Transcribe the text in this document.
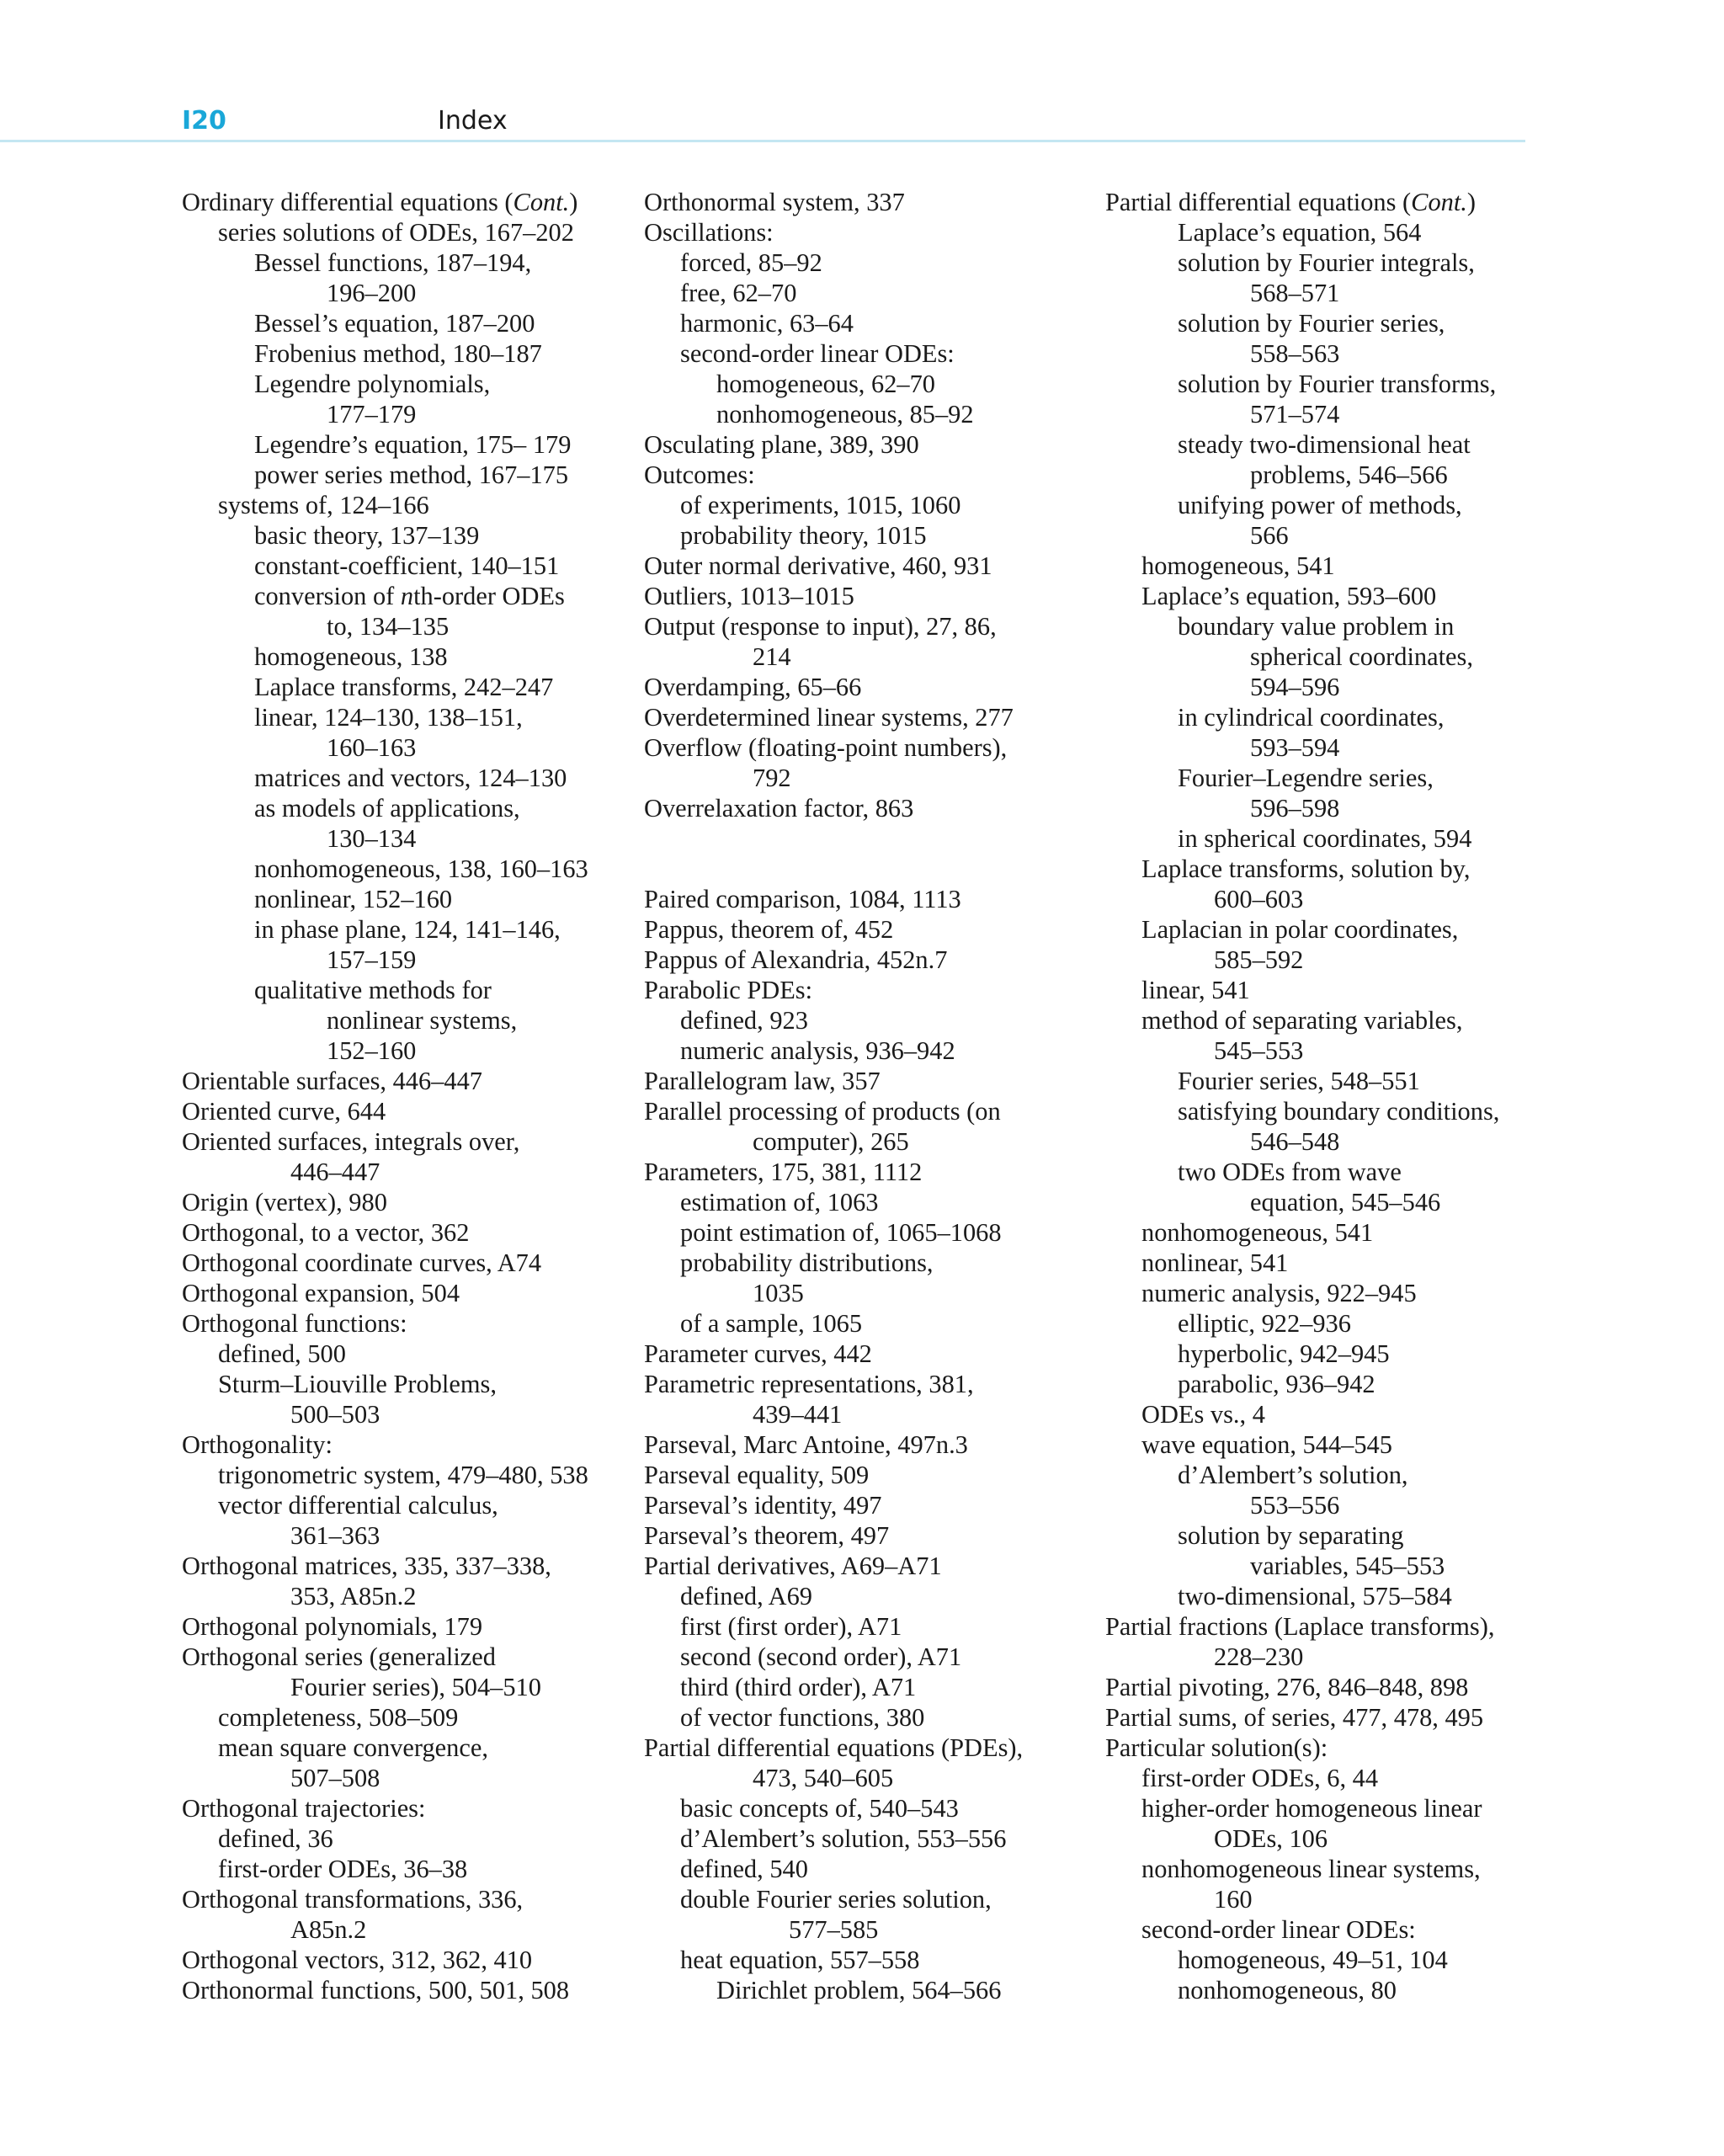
I20	Index
Ordinary differential equations (Cont.)
series solutions of ODEs, 167–202
Bessel functions, 187–194,
196–200
Bessel’s equation, 187–200
Frobenius method, 180–187
Legendre polynomials,
177–179
Legendre’s equation, 175– 179
power series method, 167–175
systems of, 124–166
basic theory, 137–139
constant-coefficient, 140–151
conversion of nth-order ODEs
to, 134–135
homogeneous, 138
Laplace transforms, 242–247
linear, 124–130, 138–151,
160–163
matrices and vectors, 124–130
as models of applications,
130–134
nonhomogeneous, 138, 160–163
nonlinear, 152–160
in phase plane, 124, 141–146,
157–159
qualitative methods for
nonlinear systems,
152–160
Orientable surfaces, 446–447
Oriented curve, 644
Oriented surfaces, integrals over,
446–447
Origin (vertex), 980
Orthogonal, to a vector, 362
Orthogonal coordinate curves, A74
Orthogonal expansion, 504
Orthogonal functions:
defined, 500
Sturm–Liouville Problems,
500–503
Orthogonality:
trigonometric system, 479–480, 538
vector differential calculus,
361–363
Orthogonal matrices, 335, 337–338,
353, A85n.2
Orthogonal polynomials, 179
Orthogonal series (generalized
Fourier series), 504–510
completeness, 508–509
mean square convergence,
507–508
Orthogonal trajectories:
defined, 36
first-order ODEs, 36–38
Orthogonal transformations, 336,
A85n.2
Orthogonal vectors, 312, 362, 410
Orthonormal functions, 500, 501, 508
Orthonormal system, 337
Oscillations:
forced, 85–92
free, 62–70
harmonic, 63–64
second-order linear ODEs:
homogeneous, 62–70
nonhomogeneous, 85–92
Osculating plane, 389, 390
Outcomes:
of experiments, 1015, 1060
probability theory, 1015
Outer normal derivative, 460, 931
Outliers, 1013–1015
Output (response to input), 27, 86,
214
Overdamping, 65–66
Overdetermined linear systems, 277
Overflow (floating-point numbers),
792
Overrelaxation factor, 863
Paired comparison, 1084, 1113
Pappus, theorem of, 452
Pappus of Alexandria, 452n.7
Parabolic PDEs:
defined, 923
numeric analysis, 936–942
Parallelogram law, 357
Parallel processing of products (on
computer), 265
Parameters, 175, 381, 1112
estimation of, 1063
point estimation of, 1065–1068
probability distributions,
1035
of a sample, 1065
Parameter curves, 442
Parametric representations, 381,
439–441
Parseval, Marc Antoine, 497n.3
Parseval equality, 509
Parseval’s identity, 497
Parseval’s theorem, 497
Partial derivatives, A69–A71
defined, A69
first (first order), A71
second (second order), A71
third (third order), A71
of vector functions, 380
Partial differential equations (PDEs),
473, 540–605
basic concepts of, 540–543
d’Alembert’s solution, 553–556
defined, 540
double Fourier series solution,
577–585
heat equation, 557–558
Dirichlet problem, 564–566
Partial differential equations (Cont.)
Laplace’s equation, 564
solution by Fourier integrals,
568–571
solution by Fourier series,
558–563
solution by Fourier transforms,
571–574
steady two-dimensional heat
problems, 546–566
unifying power of methods,
566
homogeneous, 541
Laplace’s equation, 593–600
boundary value problem in
spherical coordinates,
594–596
in cylindrical coordinates,
593–594
Fourier–Legendre series,
596–598
in spherical coordinates, 594
Laplace transforms, solution by,
600–603
Laplacian in polar coordinates,
585–592
linear, 541
method of separating variables,
545–553
Fourier series, 548–551
satisfying boundary conditions,
546–548
two ODEs from wave
equation, 545–546
nonhomogeneous, 541
nonlinear, 541
numeric analysis, 922–945
elliptic, 922–936
hyperbolic, 942–945
parabolic, 936–942
ODEs vs., 4
wave equation, 544–545
d’Alembert’s solution,
553–556
solution by separating
variables, 545–553
two-dimensional, 575–584
Partial fractions (Laplace transforms),
228–230
Partial pivoting, 276, 846–848, 898
Partial sums, of series, 477, 478, 495
Particular solution(s):
first-order ODEs, 6, 44
higher-order homogeneous linear
ODEs, 106
nonhomogeneous linear systems,
160
second-order linear ODEs:
homogeneous, 49–51, 104
nonhomogeneous, 80
